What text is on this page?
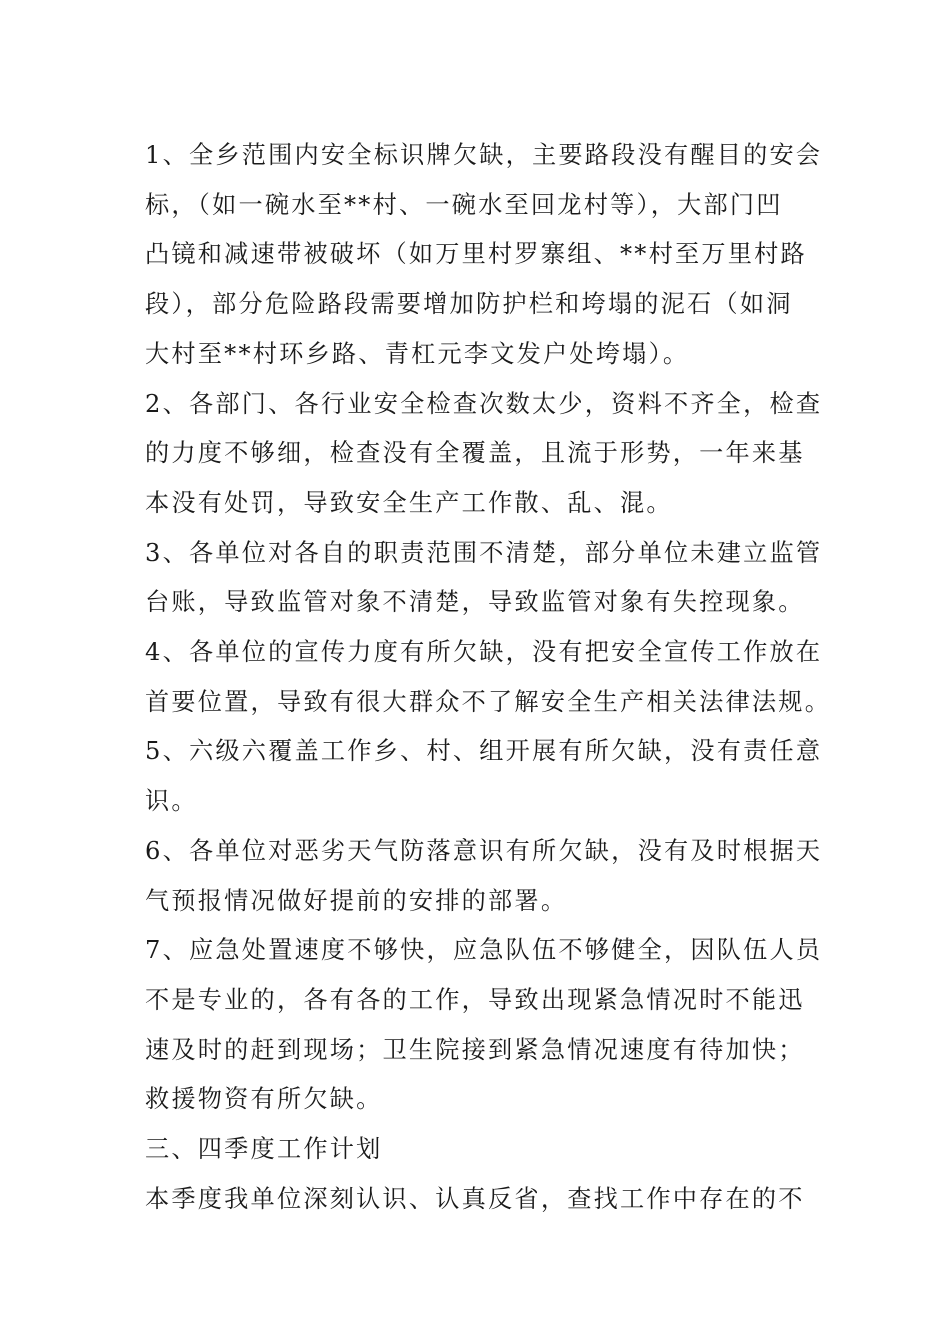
1、全乡范围内安全标识牌欠缺，主要路段没有醒目的安会
标，（如一碗水至**村、一碗水至回龙村等），大部门凹
凸镜和减速带被破坏（如万里村罗寨组、**村至万里村路
段），部分危险路段需要增加防护栏和垮塌的泥石（如洞
大村至**村环乡路、青杠元李文发户处垮塌）。

2、各部门、各行业安全检查次数太少，资料不齐全，检查
的力度不够细，检查没有全覆盖，且流于形势，一年来基
本没有处罚，导致安全生产工作散、乱、混。

3、各单位对各自的职责范围不清楚，部分单位未建立监管
台账，导致监管对象不清楚，导致监管对象有失控现象。

4、各单位的宣传力度有所欠缺，没有把安全宣传工作放在
首要位置，导致有很大群众不了解安全生产相关法律法规。

5、六级六覆盖工作乡、村、组开展有所欠缺，没有责任意
识。

6、各单位对恶劣天气防落意识有所欠缺，没有及时根据天
气预报情况做好提前的安排的部署。

7、应急处置速度不够快，应急队伍不够健全，因队伍人员
不是专业的，各有各的工作，导致出现紧急情况时不能迅
速及时的赶到现场；卫生院接到紧急情况速度有待加快；
救援物资有所欠缺。

三、四季度工作计划

本季度我单位深刻认识、认真反省，查找工作中存在的不
